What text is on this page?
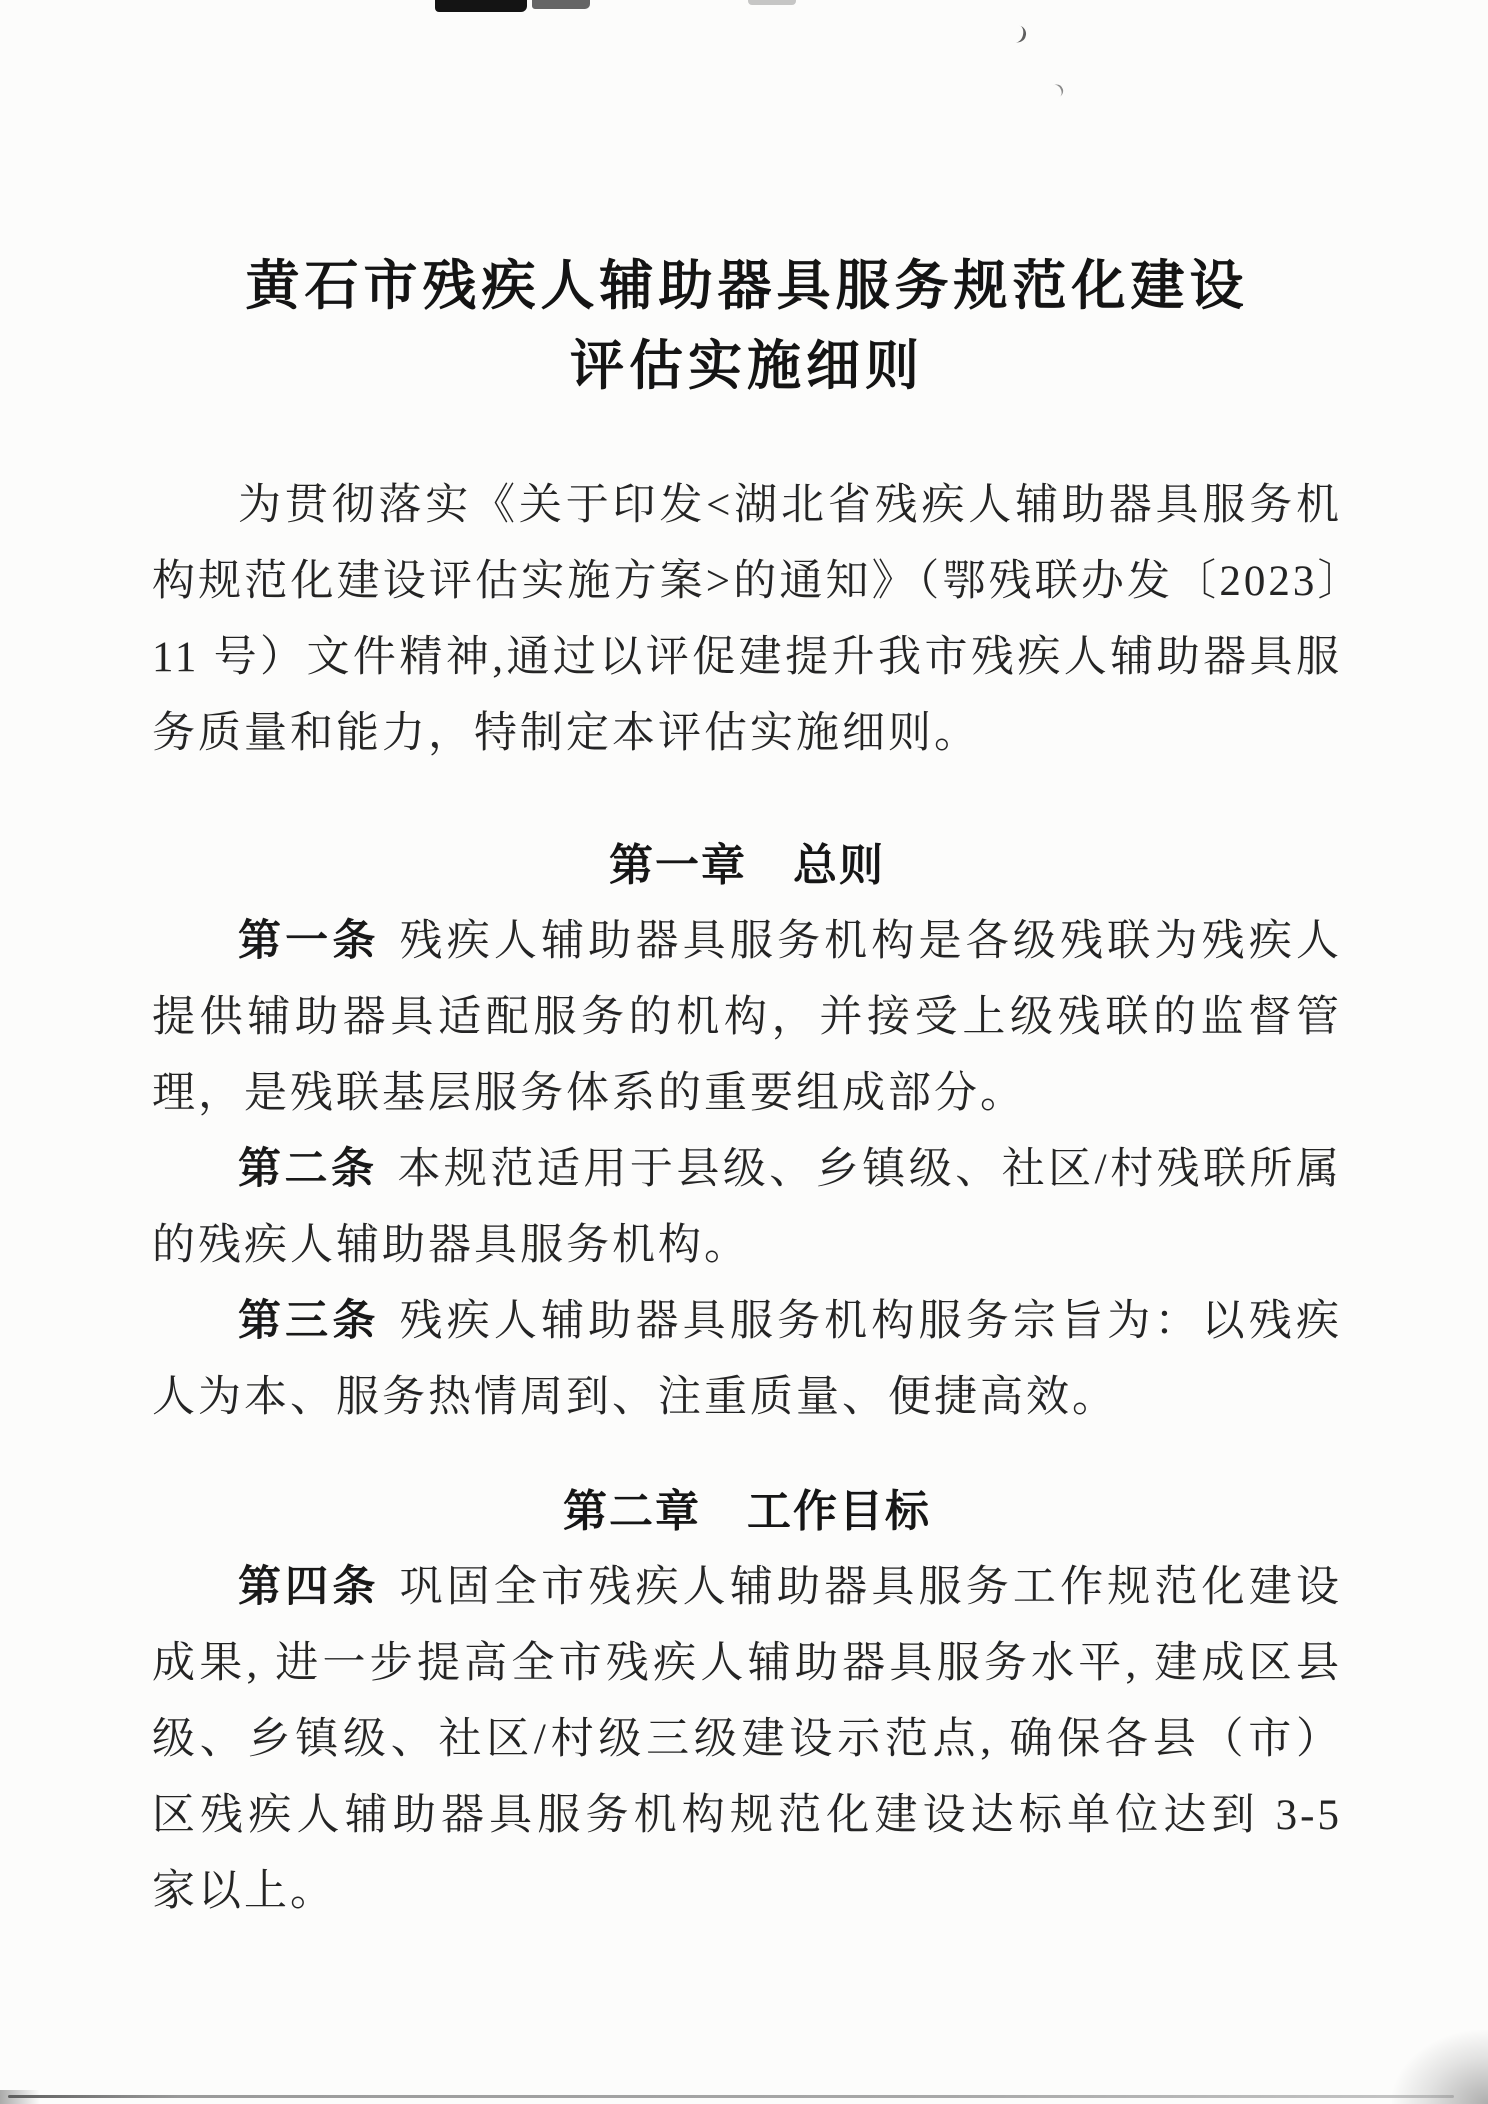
黄石市残疾人辅助器具服务规范化建设
评估实施细则

为贯彻落实《关于印发<湖北省残疾人辅助器具服务机构规范化建设评估实施方案>的通知》（鄂残联办发〔2023〕11 号）文件精神,通过以评促建提升我市残疾人辅助器具服务质量和能力，特制定本评估实施细则。

第一章　总则

第一条 残疾人辅助器具服务机构是各级残联为残疾人提供辅助器具适配服务的机构，并接受上级残联的监督管理，是残联基层服务体系的重要组成部分。

第二条 本规范适用于县级、乡镇级、社区/村残联所属的残疾人辅助器具服务机构。

第三条 残疾人辅助器具服务机构服务宗旨为：以残疾人为本、服务热情周到、注重质量、便捷高效。

第二章　工作目标

第四条 巩固全市残疾人辅助器具服务工作规范化建设成果, 进一步提高全市残疾人辅助器具服务水平, 建成区县级、乡镇级、社区/村级三级建设示范点, 确保各县（市）区残疾人辅助器具服务机构规范化建设达标单位达到 3-5 家以上。
